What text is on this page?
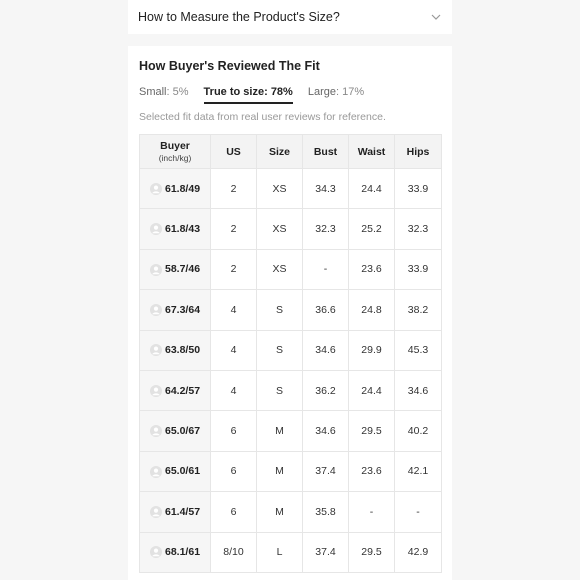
How to Measure the Product's Size?
How Buyer's Reviewed The Fit
Small: 5% True to size: 78% Large: 17%
Selected fit data from real user reviews for reference.
Buyer
(inch/kg)	US	Size	Bust	Waist	Hips
61.8/49	2	XS	34.3	24.4	33.9
61.8/43	2	XS	32.3	25.2	32.3
58.7/46	2	XS	-	23.6	33.9
67.3/64	4	S	36.6	24.8	38.2
63.8/50	4	S	34.6	29.9	45.3
64.2/57	4	S	36.2	24.4	34.6
65.0/67	6	M	34.6	29.5	40.2
65.0/61	6	M	37.4	23.6	42.1
61.4/57	6	M	35.8	-	-
68.1/61	8/10	L	37.4	29.5	42.9
